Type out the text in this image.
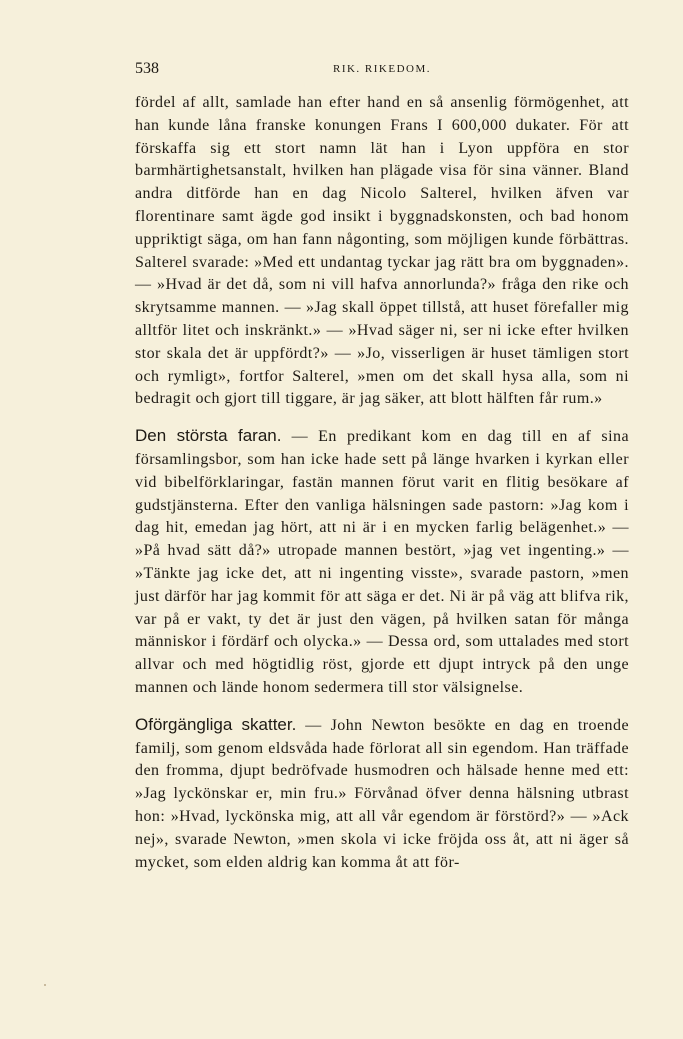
538	RIK. RIKEDOM.

fördel af allt, samlade han efter hand en så ansenlig förmögenhet, att han kunde låna franske konungen Frans I 600,000 dukater. För att förskaffa sig ett stort namn lät han i Lyon uppföra en stor barmhärtighetsanstalt, hvilken han plägade visa för sina vänner. Bland andra ditförde han en dag Nicolo Salterel, hvilken äfven var florentinare samt ägde god insikt i byggnadskonsten, och bad honom uppriktigt säga, om han fann någonting, som möjligen kunde förbättras. Salterel svarade: »Med ett undantag tyckar jag rätt bra om byggnaden». — »Hvad är det då, som ni vill hafva annorlunda?» fråga den rike och skrytsamme mannen. — »Jag skall öppet tillstå, att huset förefaller mig alltför litet och inskränkt.» — »Hvad säger ni, ser ni icke efter hvilken stor skala det är uppfördt?» — »Jo, visserligen är huset tämligen stort och rymligt», fortfor Salterel, »men om det skall hysa alla, som ni bedragit och gjort till tiggare, är jag säker, att blott hälften får rum.»

Den största faran. — En predikant kom en dag till en af sina församlingsbor, som han icke hade sett på länge hvarken i kyrkan eller vid bibelförklaringar, fastän mannen förut varit en flitig besökare af gudstjänsterna. Efter den vanliga hälsningen sade pastorn: »Jag kom i dag hit, emedan jag hört, att ni är i en mycken farlig belägenhet.» — »På hvad sätt då?» utropade mannen bestört, »jag vet ingenting.» — »Tänkte jag icke det, att ni ingenting visste», svarade pastorn, »men just därför har jag kommit för att säga er det. Ni är på väg att blifva rik, var på er vakt, ty det är just den vägen, på hvilken satan för många människor i fördärf och olycka.» — Dessa ord, som uttalades med stort allvar och med högtidlig röst, gjorde ett djupt intryck på den unge mannen och lände honom sedermera till stor välsignelse.

Oförgängliga skatter. — John Newton besökte en dag en troende familj, som genom eldsvåda hade förlorat all sin egendom. Han träffade den fromma, djupt bedröfvade husmodren och hälsade henne med ett: »Jag lyckönskar er, min fru.» Förvånad öfver denna hälsning utbrast hon: »Hvad, lyckönska mig, att all vår egendom är förstörd?» — »Ack nej», svarade Newton, »men skola vi icke fröjda oss åt, att ni äger så mycket, som elden aldrig kan komma åt att för-
